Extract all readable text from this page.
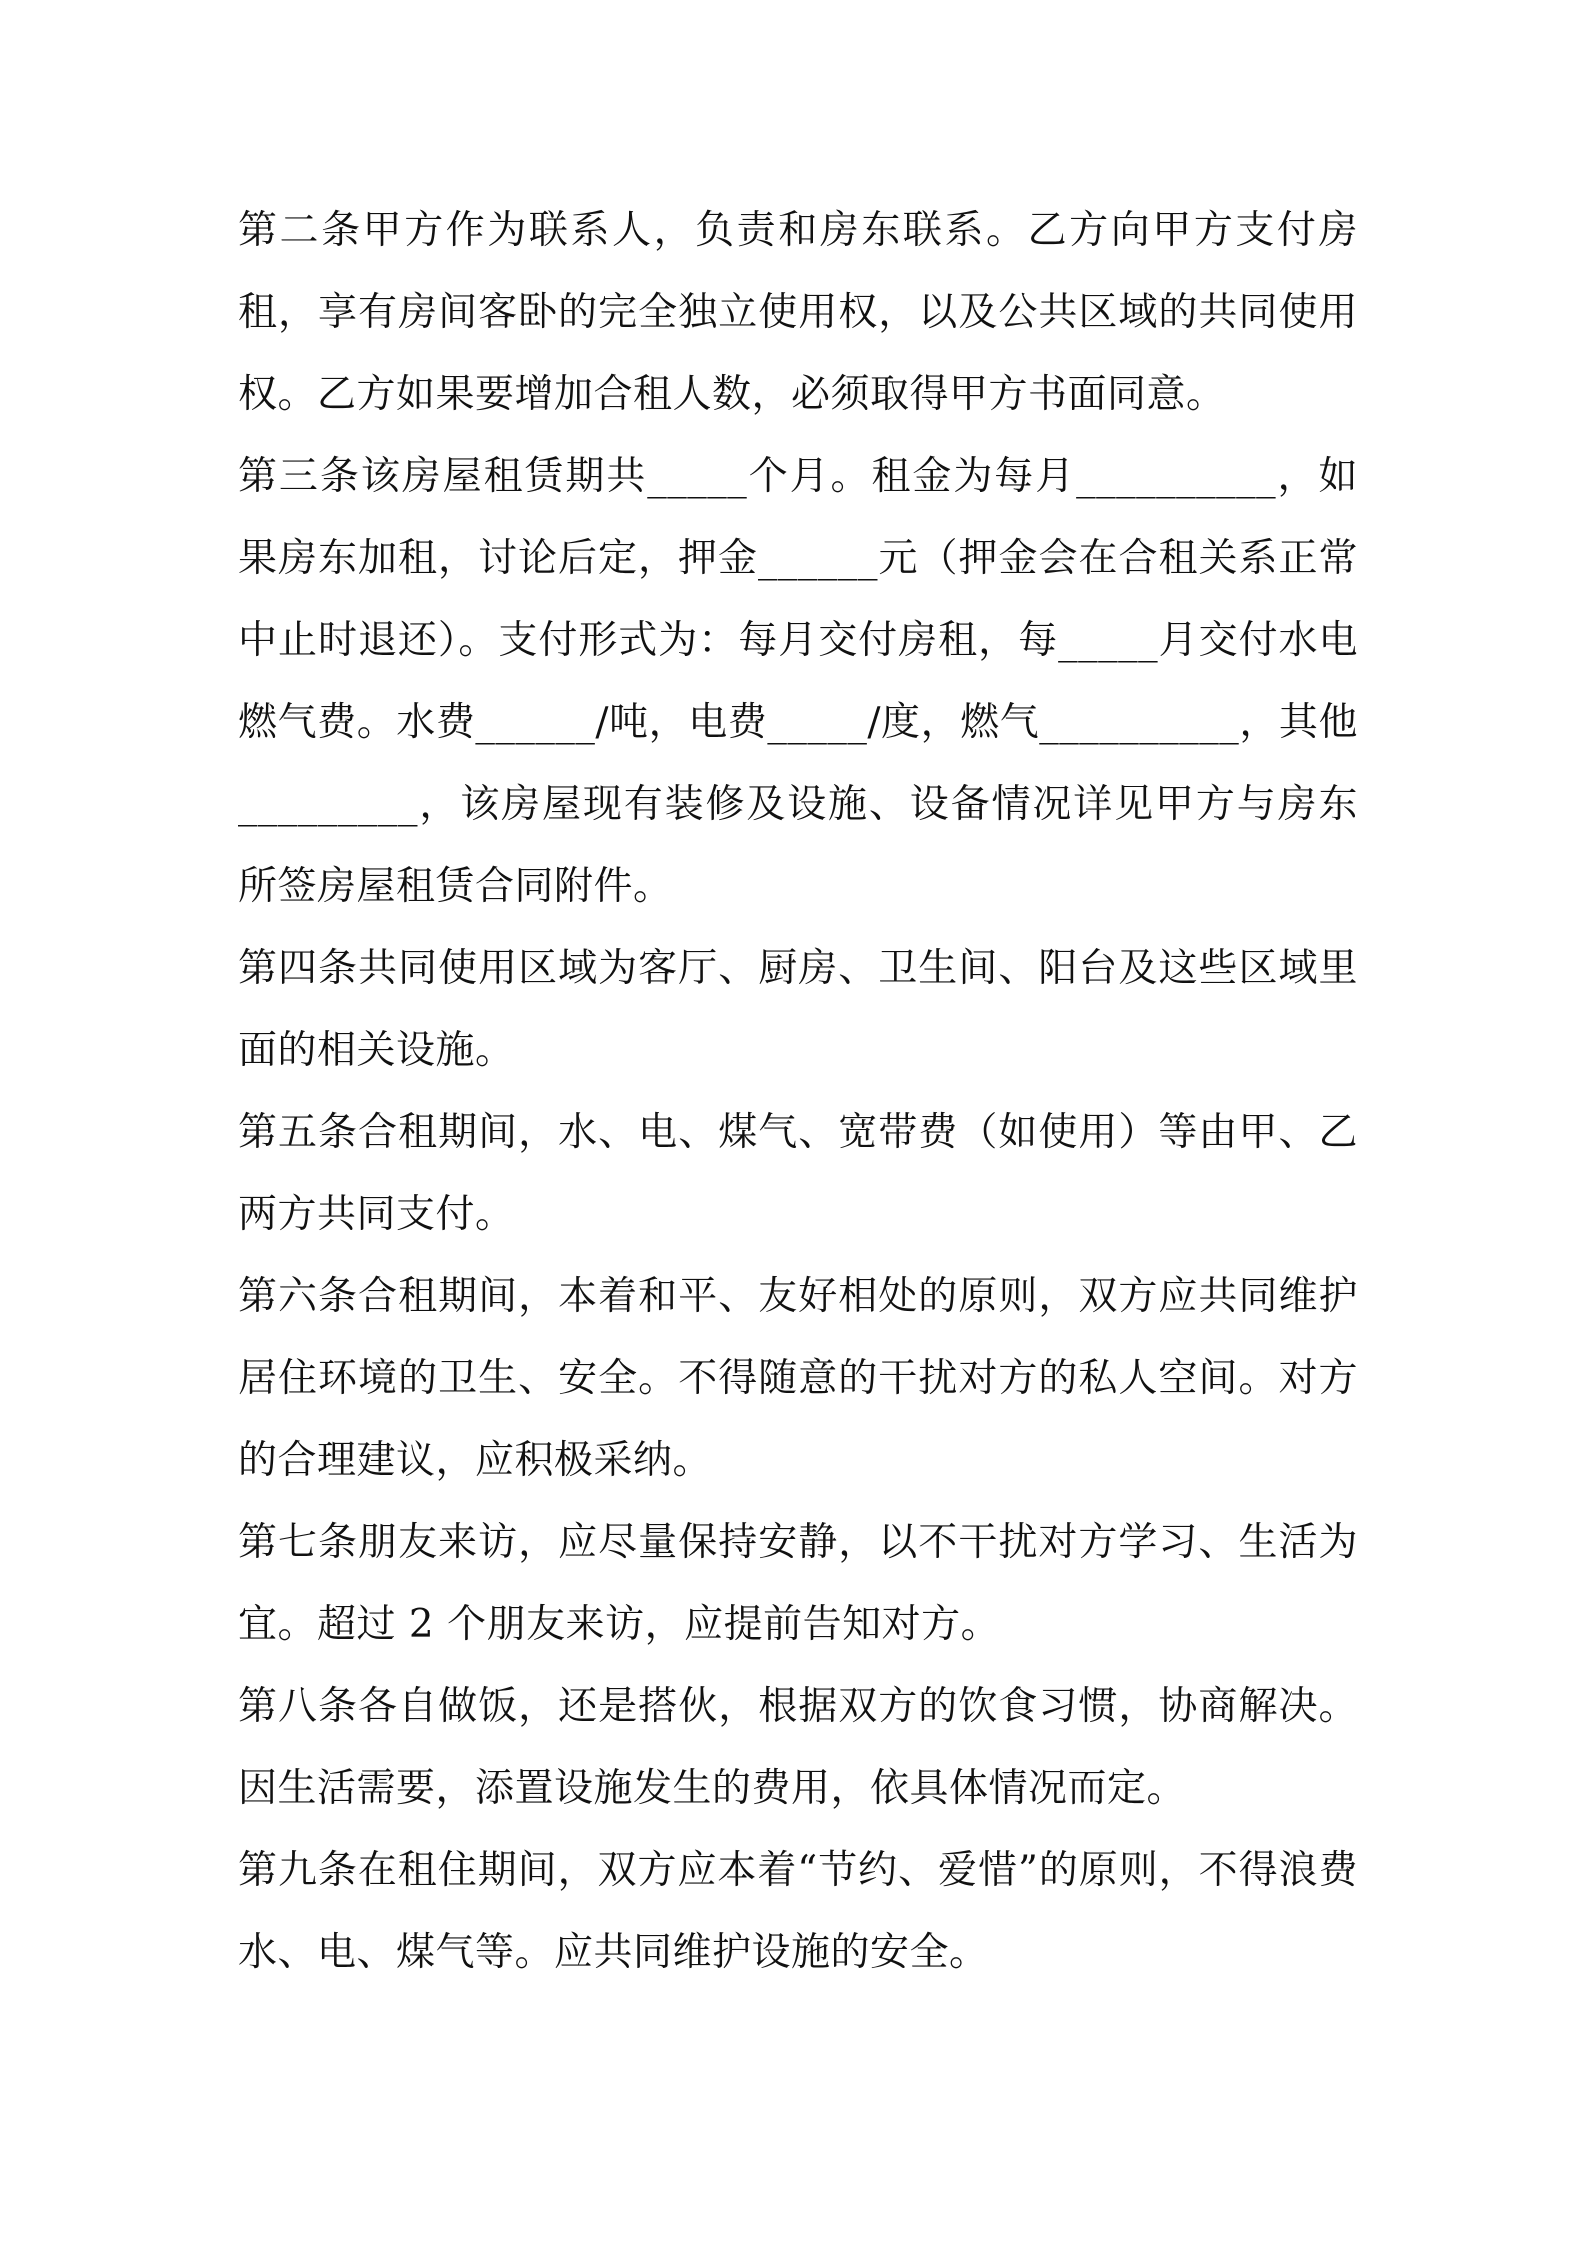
第二条甲方作为联系人，负责和房东联系。乙方向甲方支付房租，享有房间客卧的完全独立使用权，以及公共区域的共同使用权。乙方如果要增加合租人数，必须取得甲方书面同意。

第三条该房屋租赁期共_____个月。租金为每月__________，如果房东加租，讨论后定，押金______元（押金会在合租关系正常中止时退还）。支付形式为：每月交付房租，每_____月交付水电燃气费。水费______/吨，电费_____/度，燃气__________，其他_________，该房屋现有装修及设施、设备情况详见甲方与房东所签房屋租赁合同附件。

第四条共同使用区域为客厅、厨房、卫生间、阳台及这些区域里面的相关设施。

第五条合租期间，水、电、煤气、宽带费（如使用）等由甲、乙两方共同支付。

第六条合租期间，本着和平、友好相处的原则，双方应共同维护居住环境的卫生、安全。不得随意的干扰对方的私人空间。对方的合理建议，应积极采纳。

第七条朋友来访，应尽量保持安静，以不干扰对方学习、生活为宜。超过 2 个朋友来访，应提前告知对方。

第八条各自做饭，还是搭伙，根据双方的饮食习惯，协商解决。因生活需要，添置设施发生的费用，依具体情况而定。

第九条在租住期间，双方应本着“节约、爱惜”的原则，不得浪费水、电、煤气等。应共同维护设施的安全。
